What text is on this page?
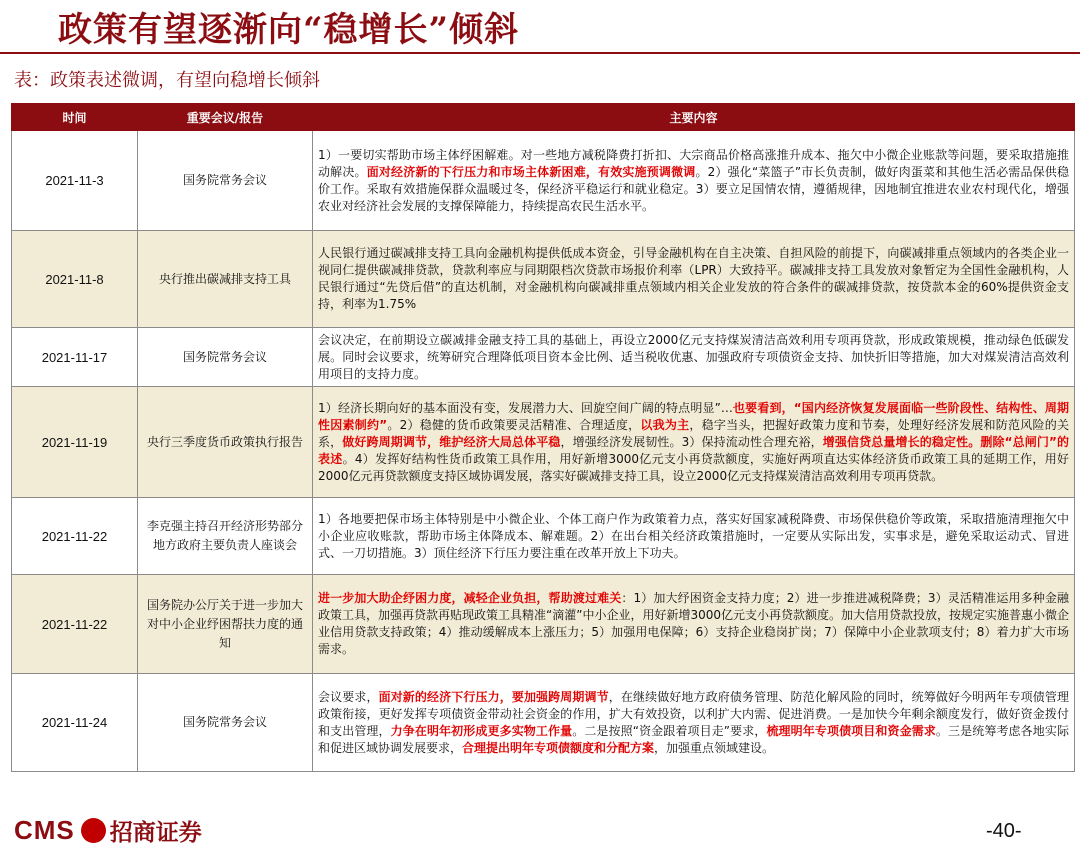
政策有望逐渐向“稳增长”倾斜
表：政策表述微调，有望向稳增长倾斜
时间	重要会议/报告	主要内容
2021-11-3	国务院常务会议	1）一要切实帮助市场主体纾困解难。对一些地方减税降费打折扣、大宗商品价格高涨推升成本、拖欠中小微企业账款等问题，要采取措施推动解决。面对经济新的下行压力和市场主体新困难，有效实施预调微调。2）强化“菜篮子”市长负责制，做好肉蛋菜和其他生活必需品保供稳价工作。采取有效措施保群众温暖过冬，保经济平稳运行和就业稳定。3）要立足国情农情，遵循规律，因地制宜推进农业农村现代化，增强农业对经济社会发展的支撑保障能力，持续提高农民生活水平。
2021-11-8	央行推出碳减排支持工具	人民银行通过碳减排支持工具向金融机构提供低成本资金，引导金融机构在自主决策、自担风险的前提下，向碳减排重点领域内的各类企业一视同仁提供碳减排贷款，贷款利率应与同期限档次贷款市场报价利率（LPR）大致持平。碳减排支持工具发放对象暂定为全国性金融机构，人民银行通过“先贷后借”的直达机制，对金融机构向碳减排重点领域内相关企业发放的符合条件的碳减排贷款，按贷款本金的60%提供资金支持，利率为1.75%
2021-11-17	国务院常务会议	会议决定，在前期设立碳减排金融支持工具的基础上，再设立2000亿元支持煤炭清洁高效利用专项再贷款，形成政策规模，推动绿色低碳发展。同时会议要求，统筹研究合理降低项目资本金比例、适当税收优惠、加强政府专项债资金支持、加快折旧等措施，加大对煤炭清洁高效利用项目的支持力度。
2021-11-19	央行三季度货币政策执行报告	1）经济长期向好的基本面没有变，发展潜力大、回旋空间广阔的特点明显”…也要看到，“国内经济恢复发展面临一些阶段性、结构性、周期性因素制约”。2）稳健的货币政策要灵活精准、合理适度，以我为主，稳字当头，把握好政策力度和节奏，处理好经济发展和防范风险的关系，做好跨周期调节，维护经济大局总体平稳，增强经济发展韧性。3）保持流动性合理充裕，增强信贷总量增长的稳定性。删除“总闸门”的表述。4）发挥好结构性货币政策工具作用，用好新增3000亿元支小再贷款额度，实施好两项直达实体经济货币政策工具的延期工作，用好2000亿元再贷款额度支持区域协调发展，落实好碳减排支持工具，设立2000亿元支持煤炭清洁高效利用专项再贷款。
2021-11-22	李克强主持召开经济形势部分地方政府主要负责人座谈会	1）各地要把保市场主体特别是中小微企业、个体工商户作为政策着力点，落实好国家减税降费、市场保供稳价等政策，采取措施清理拖欠中小企业应收账款，帮助市场主体降成本、解难题。2）在出台相关经济政策措施时，一定要从实际出发，实事求是，避免采取运动式、冒进式、一刀切措施。3）顶住经济下行压力要注重在改革开放上下功夫。
2021-11-22	国务院办公厅关于进一步加大对中小企业纾困帮扶力度的通知	进一步加大助企纾困力度，减轻企业负担，帮助渡过难关：1）加大纾困资金支持力度；2）进一步推进减税降费；3）灵活精准运用多种金融政策工具，加强再贷款再贴现政策工具精准“滴灌”中小企业，用好新增3000亿元支小再贷款额度。加大信用贷款投放，按规定实施普惠小微企业信用贷款支持政策；4）推动缓解成本上涨压力；5）加强用电保障；6）支持企业稳岗扩岗；7）保障中小企业款项支付；8）着力扩大市场需求。
2021-11-24	国务院常务会议	会议要求，面对新的经济下行压力，要加强跨周期调节，在继续做好地方政府债务管理、防范化解风险的同时，统筹做好今明两年专项债管理政策衔接，更好发挥专项债资金带动社会资金的作用，扩大有效投资，以利扩大内需、促进消费。一是加快今年剩余额度发行，做好资金拨付和支出管理，力争在明年初形成更多实物工作量。二是按照“资金跟着项目走”要求，梳理明年专项债项目和资金需求。三是统筹考虑各地实际和促进区域协调发展要求，合理提出明年专项债额度和分配方案，加强重点领域建设。
CMS 招商证券	-40-
